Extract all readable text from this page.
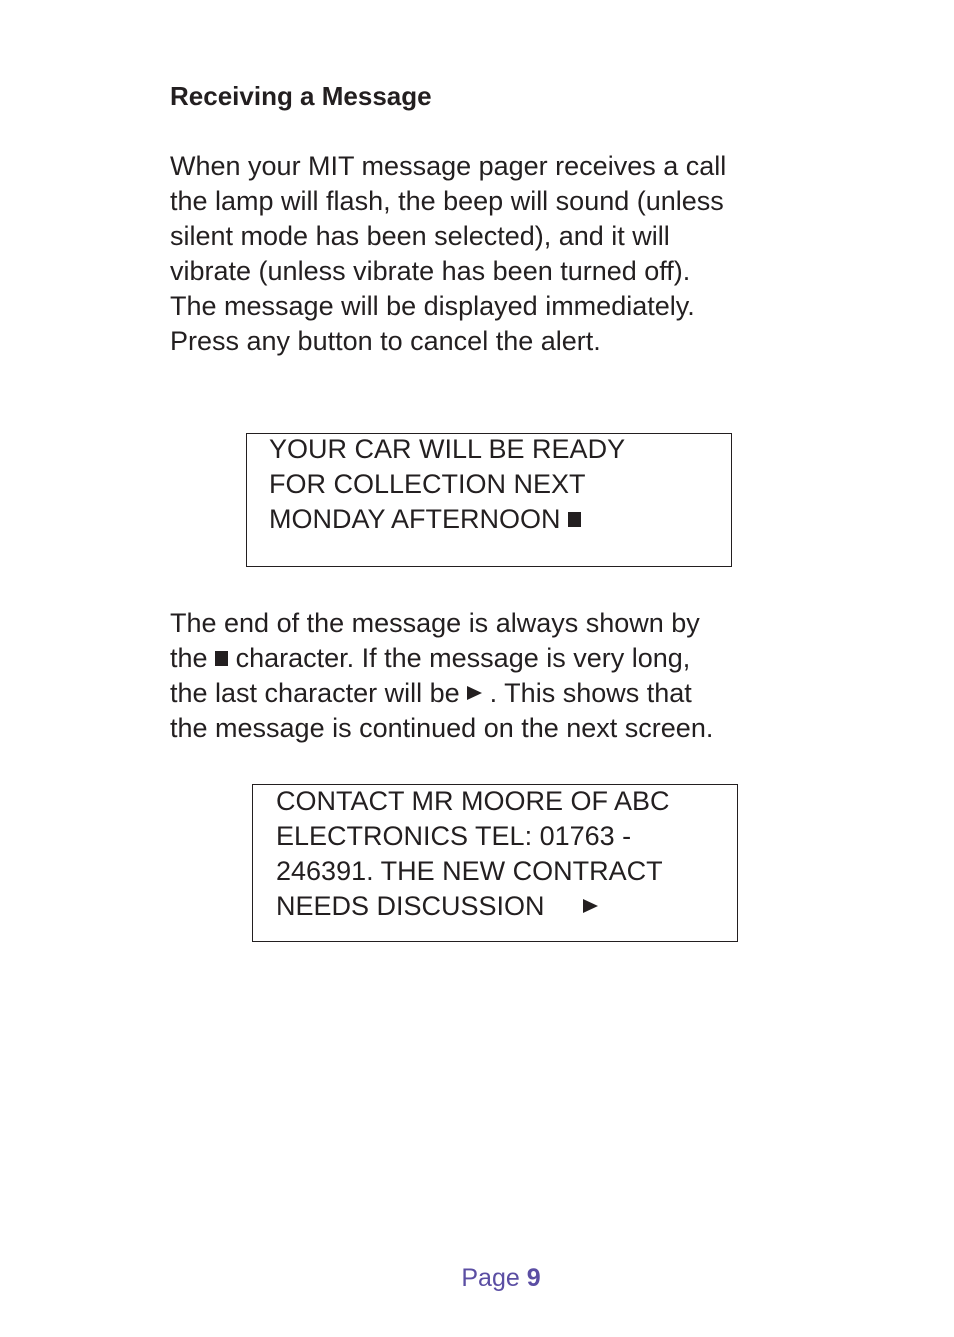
Receiving a Message

When your MIT message pager receives a call
the lamp will flash, the beep will sound (unless
silent mode has been selected), and it will
vibrate (unless vibrate has been turned off).
The message will be displayed immediately.
Press any button to cancel the alert.

YOUR CAR WILL BE READY
FOR COLLECTION NEXT
MONDAY AFTERNOON

The end of the message is always shown by
the character. If the message is very long,
the last character will be . This shows that
the message is continued on the next screen.

CONTACT MR MOORE OF ABC
ELECTRONICS TEL: 01763 -
246391. THE NEW CONTRACT
NEEDS DISCUSSION
Page 9
